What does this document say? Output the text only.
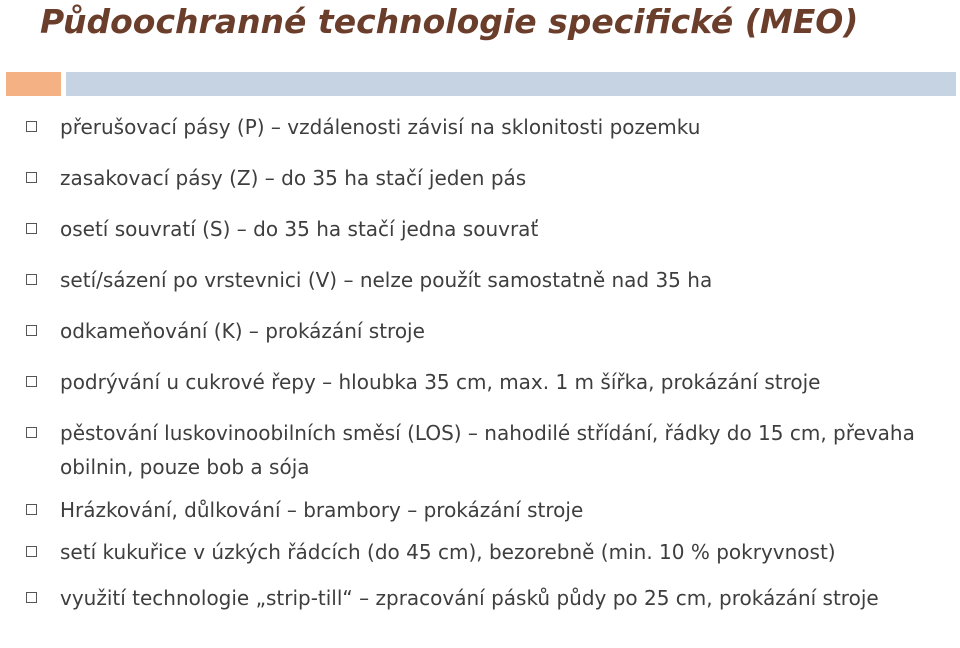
Půdoochranné technologie specifické (MEO)
přerušovací pásy (P) – vzdálenosti závisí na sklonitosti pozemku
zasakovací pásy (Z) – do 35 ha stačí jeden pás
osetí souvratí (S) – do 35 ha stačí jedna souvrať
setí/sázení po vrstevnici (V) – nelze použít samostatně nad 35 ha
odkameňování (K) – prokázání stroje
podrývání u cukrové řepy – hloubka 35 cm, max. 1 m šířka, prokázání stroje
pěstování luskovinoobilních směsí (LOS) – nahodilé střídání, řádky do 15 cm, převaha obilnin, pouze bob a sója
Hrázkování, důlkování – brambory – prokázání stroje
setí kukuřice v úzkých řádcích (do 45 cm), bezorebně (min. 10 % pokryvnost)
využití technologie „strip-till“ – zpracování pásků půdy po 25 cm, prokázání stroje
